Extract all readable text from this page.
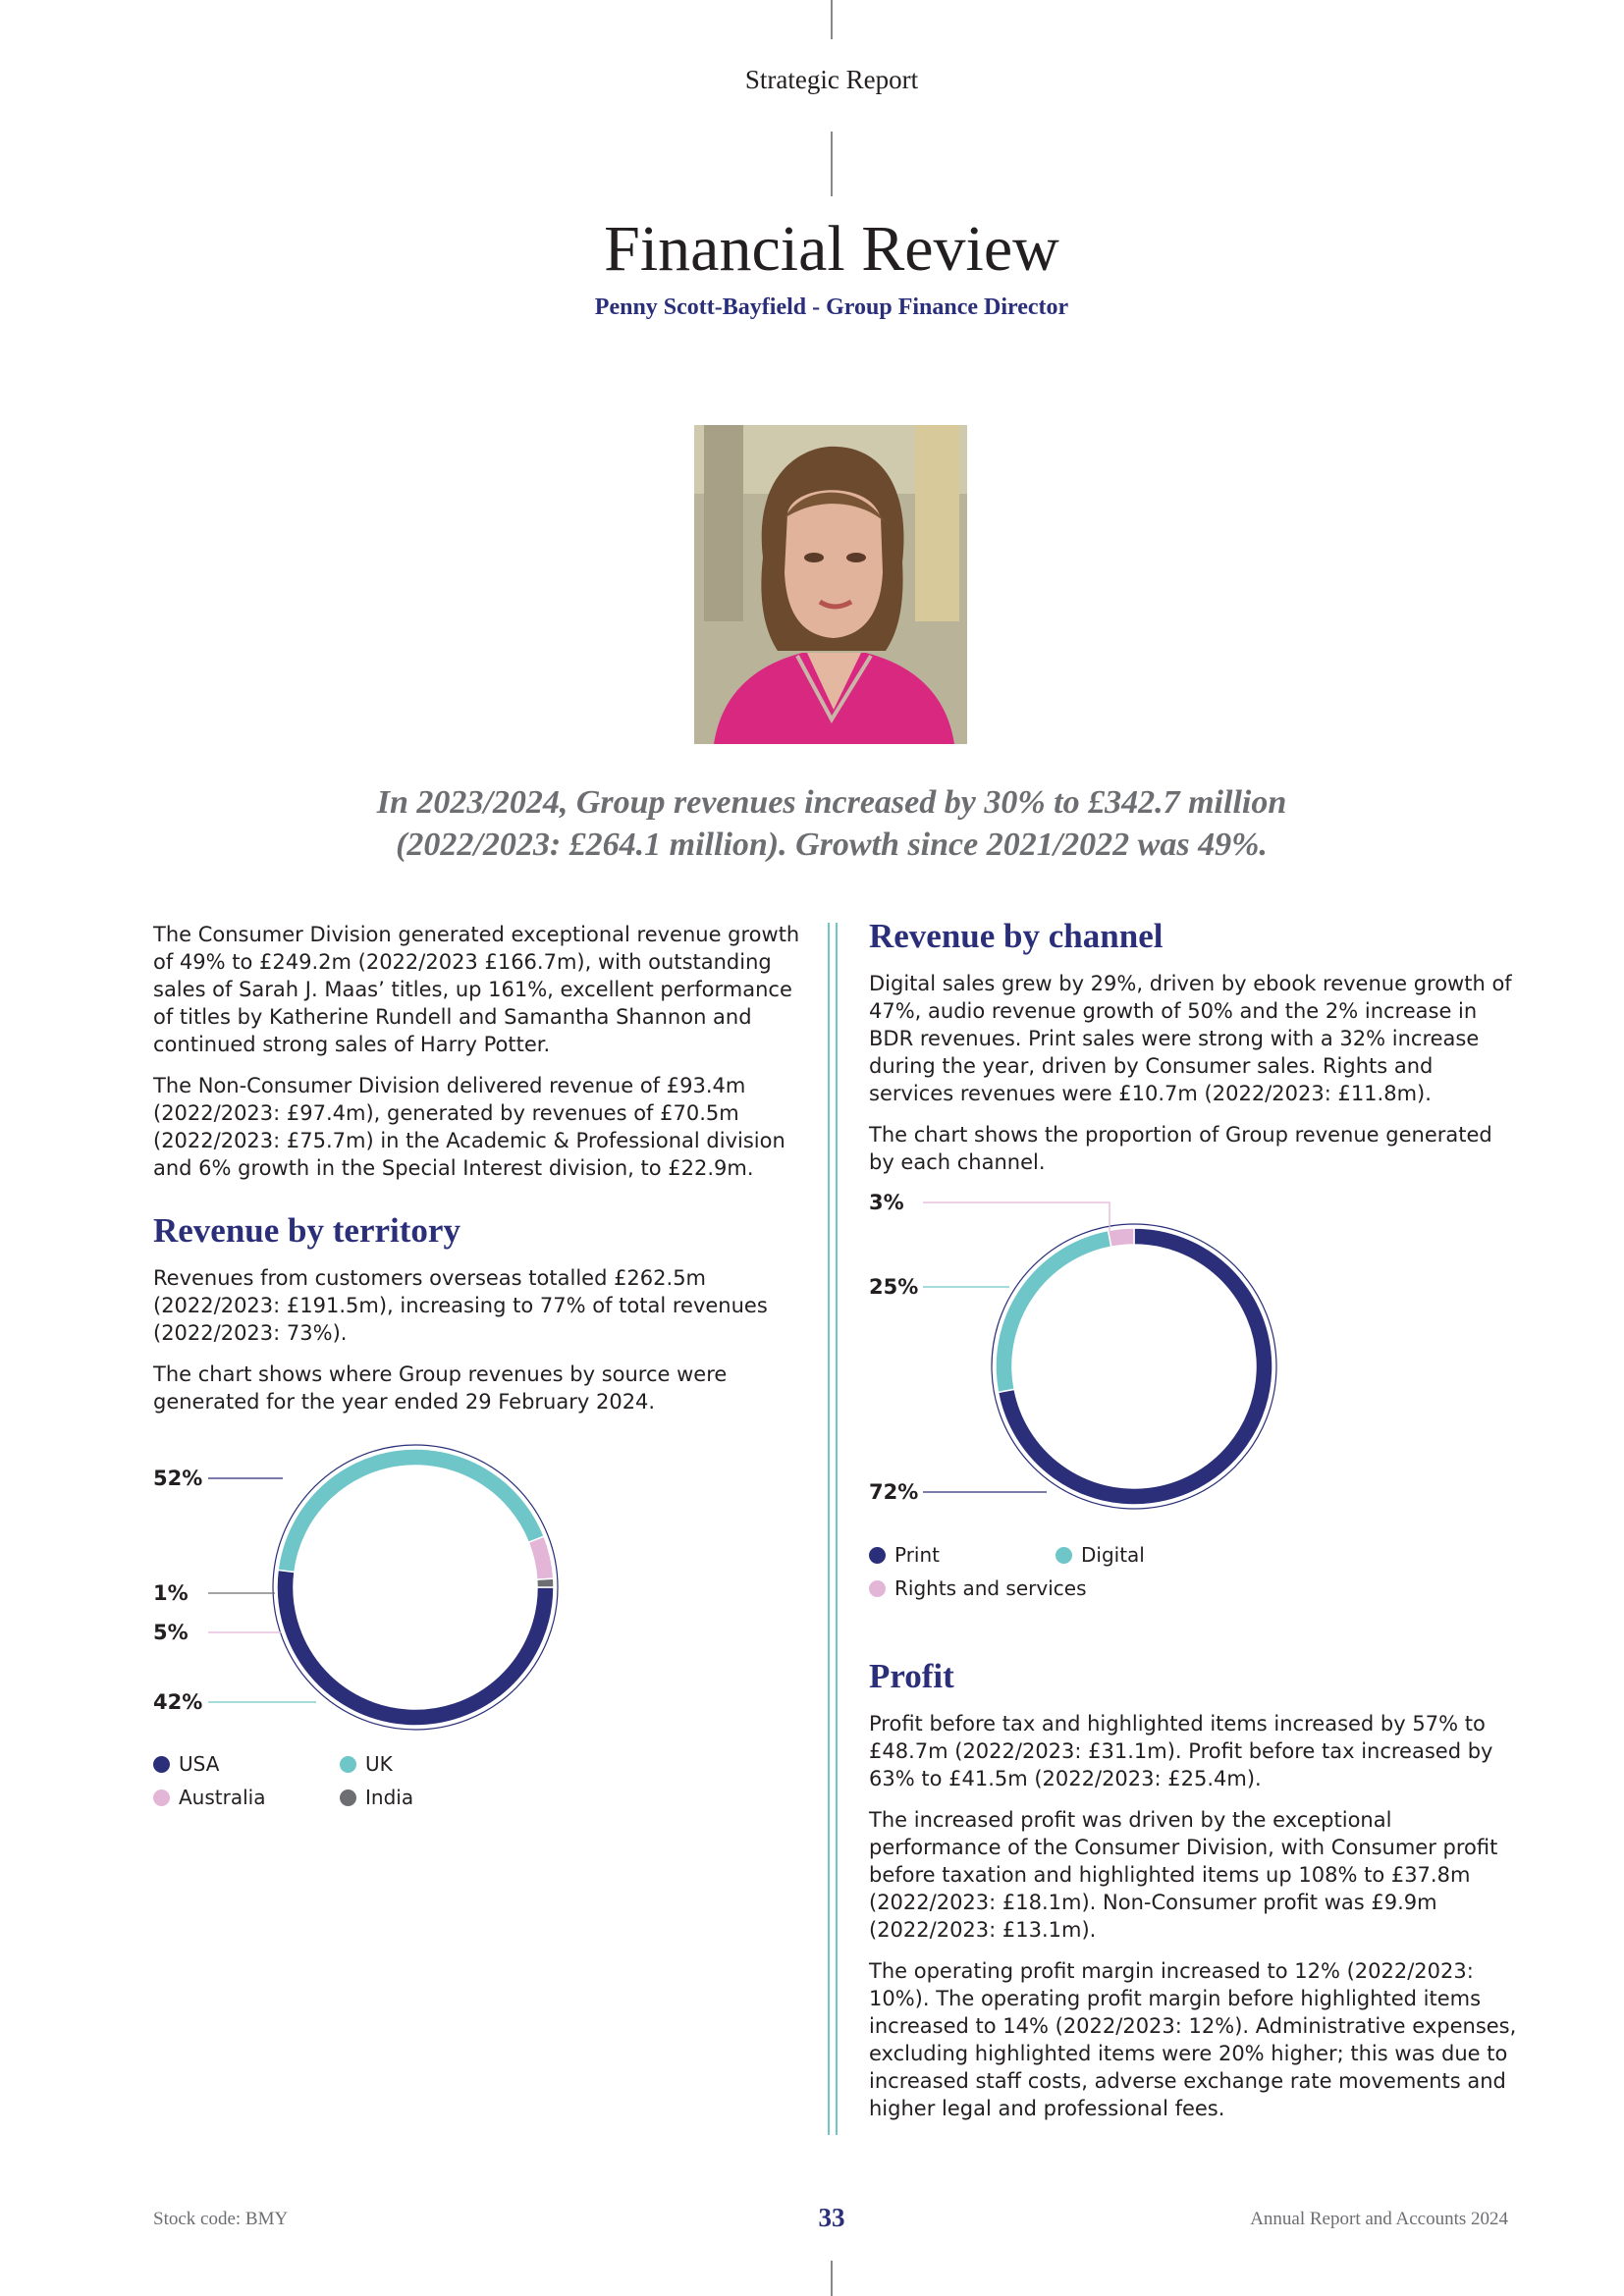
Strategic Report
Financial Review
Penny Scott-Bayfield - Group Finance Director

In 2023/2024, Group revenues increased by 30% to £342.7 million
(2022/2023: £264.1 million). Growth since 2021/2022 was 49%.

The Consumer Division generated exceptional revenue growth of 49% to £249.2m (2022/2023 £166.7m), with outstanding sales of Sarah J. Maas’ titles, up 161%, excellent performance of titles by Katherine Rundell and Samantha Shannon and continued strong sales of Harry Potter.

The Non-Consumer Division delivered revenue of £93.4m (2022/2023: £97.4m), generated by revenues of £70.5m (2022/2023: £75.7m) in the Academic & Professional division and 6% growth in the Special Interest division, to £22.9m.

Revenue by territory

Revenues from customers overseas totalled £262.5m (2022/2023: £191.5m), increasing to 77% of total revenues (2022/2023: 73%).

The chart shows where Group revenues by source were generated for the year ended 29 February 2024.

Revenue by channel

Digital sales grew by 29%, driven by ebook revenue growth of 47%, audio revenue growth of 50% and the 2% increase in BDR revenues. Print sales were strong with a 32% increase during the year, driven by Consumer sales. Rights and services revenues were £10.7m (2022/2023: £11.8m).

The chart shows the proportion of Group revenue generated by each channel.

Profit

Profit before tax and highlighted items increased by 57% to £48.7m (2022/2023: £31.1m). Profit before tax increased by 63% to £41.5m (2022/2023: £25.4m).

The increased profit was driven by the exceptional performance of the Consumer Division, with Consumer profit before taxation and highlighted items up 108% to £37.8m (2022/2023: £18.1m). Non-Consumer profit was £9.9m (2022/2023: £13.1m).

The operating profit margin increased to 12% (2022/2023: 10%). The operating profit margin before highlighted items increased to 14% (2022/2023: 12%). Administrative expenses, excluding highlighted items were 20% higher; this was due to increased staff costs, adverse exchange rate movements and higher legal and professional fees.

52%
1%
5%
42%
USA	UK
Australia	India
3%
25%
72%
Print	Digital
Rights and services
Stock code: BMY	33	Annual Report and Accounts 2024
